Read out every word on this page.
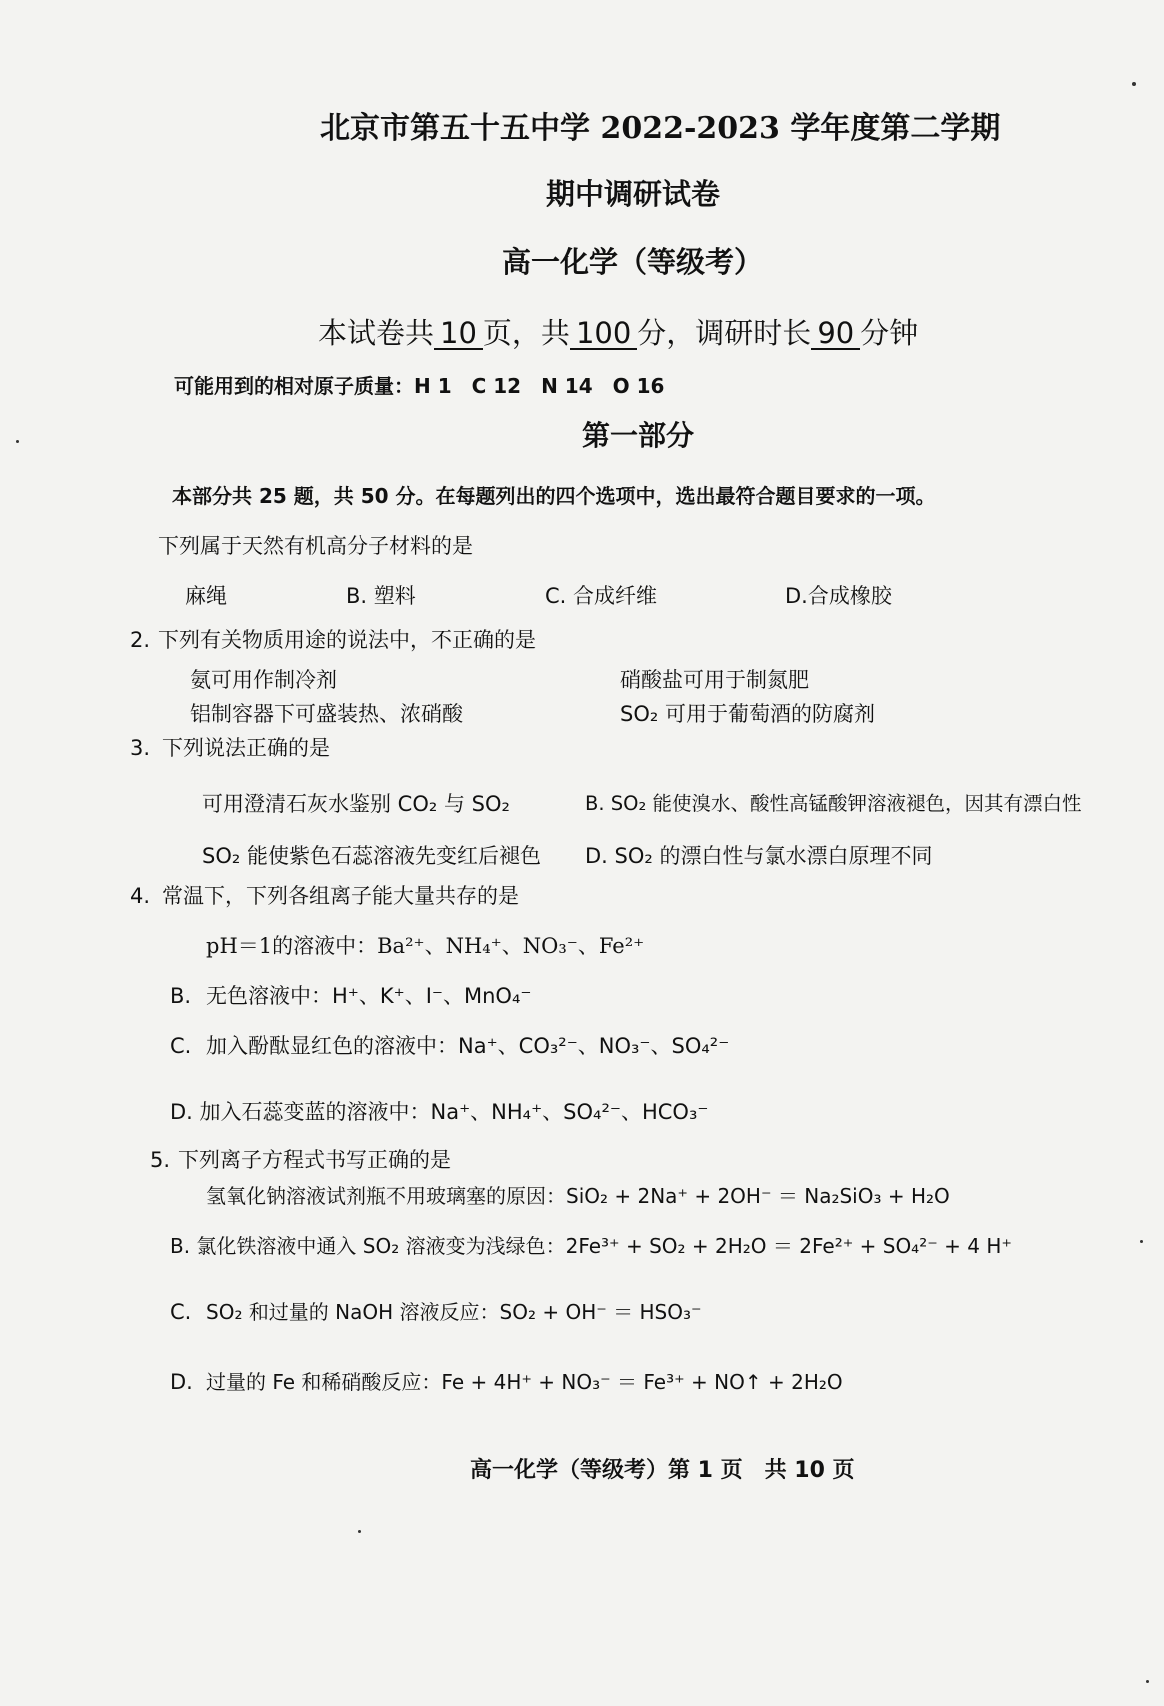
北京市第五十五中学 2022-2023 学年度第二学期
期中调研试卷
高一化学（等级考）
本试卷共 10 页，共 100 分，调研时长 90 分钟
可能用到的相对原子质量：H 1　C 12　N 14　O 16
第一部分
本部分共 25 题，共 50 分。在每题列出的四个选项中，选出最符合题目要求的一项。
下列属于天然有机高分子材料的是
麻绳	B. 塑料	C. 合成纤维	D.合成橡胶
2. 下列有关物质用途的说法中，不正确的是
氨可用作制冷剂	硝酸盐可用于制氮肥
铝制容器下可盛装热、浓硝酸	SO₂ 可用于葡萄酒的防腐剂
3. 下列说法正确的是
可用澄清石灰水鉴别 CO₂ 与 SO₂	B. SO₂ 能使溴水、酸性高锰酸钾溶液褪色，因其有漂白性
SO₂ 能使紫色石蕊溶液先变红后褪色 D. SO₂ 的漂白性与氯水漂白原理不同
4. 常温下，下列各组离子能大量共存的是
pH＝1的溶液中：Ba²⁺、NH₄⁺、NO₃⁻、Fe²⁺
B. 无色溶液中：H⁺、K⁺、I⁻、MnO₄⁻
C. 加入酚酞显红色的溶液中：Na⁺、CO₃²⁻、NO₃⁻、SO₄²⁻
D. 加入石蕊变蓝的溶液中：Na⁺、NH₄⁺、SO₄²⁻、HCO₃⁻
5. 下列离子方程式书写正确的是
氢氧化钠溶液试剂瓶不用玻璃塞的原因：SiO₂ + 2Na⁺ + 2OH⁻ ＝ Na₂SiO₃ + H₂O
B. 氯化铁溶液中通入 SO₂ 溶液变为浅绿色：2Fe³⁺ + SO₂ + 2H₂O ＝ 2Fe²⁺ + SO₄²⁻ + 4 H⁺
C. SO₂ 和过量的 NaOH 溶液反应：SO₂ + OH⁻ ＝ HSO₃⁻
D. 过量的 Fe 和稀硝酸反应：Fe + 4H⁺ + NO₃⁻ ＝ Fe³⁺ + NO↑ + 2H₂O
高一化学（等级考）第 1 页　共 10 页
